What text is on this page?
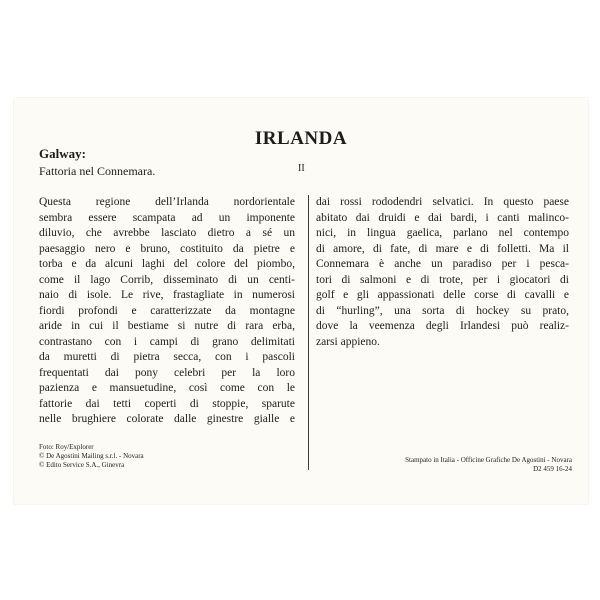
IRLANDA
Galway:
Fattoria nel Connemara.	II
Questa regione dell’Irlanda nordorientale
sembra essere scampata ad un imponente
diluvio, che avrebbe lasciato dietro a sé un
paesaggio nero e bruno, costituito da pietre e
torba e da alcuni laghi del colore del piombo,
come il lago Corrib, disseminato di un centi-
naio di isole. Le rive, frastagliate in numerosi
fiordi profondi e caratterizzate da montagne
aride in cui il bestiame si nutre di rara erba,
contrastano con i campi di grano delimitati
da muretti di pietra secca, con i pascoli
frequentati dai pony celebri per la loro
pazienza e mansuetudine, così come con le
fattorie dai tetti coperti di stoppie, sparute
nelle brughiere colorate dalle ginestre gialle e
dai rossi rododendri selvatici. In questo paese
abitato dai druidi e dai bardi, i canti malinco-
nici, in lingua gaelica, parlano nel contempo
di amore, di fate, di mare e di folletti. Ma il
Connemara è anche un paradiso per i pesca-
tori di salmoni e di trote, per i giocatori di
golf e gli appassionati delle corse di cavalli e
di “hurling”, una sorta di hockey su prato,
dove la veemenza degli Irlandesi può realiz-
zarsi appieno.
Foto: Roy/Explorer
© De Agostini Mailing s.r.l. - Novara
© Edito Service S.A., Ginevra
Stampato in Italia - Officine Grafiche De Agostini - Novara
D2 459 16-24
